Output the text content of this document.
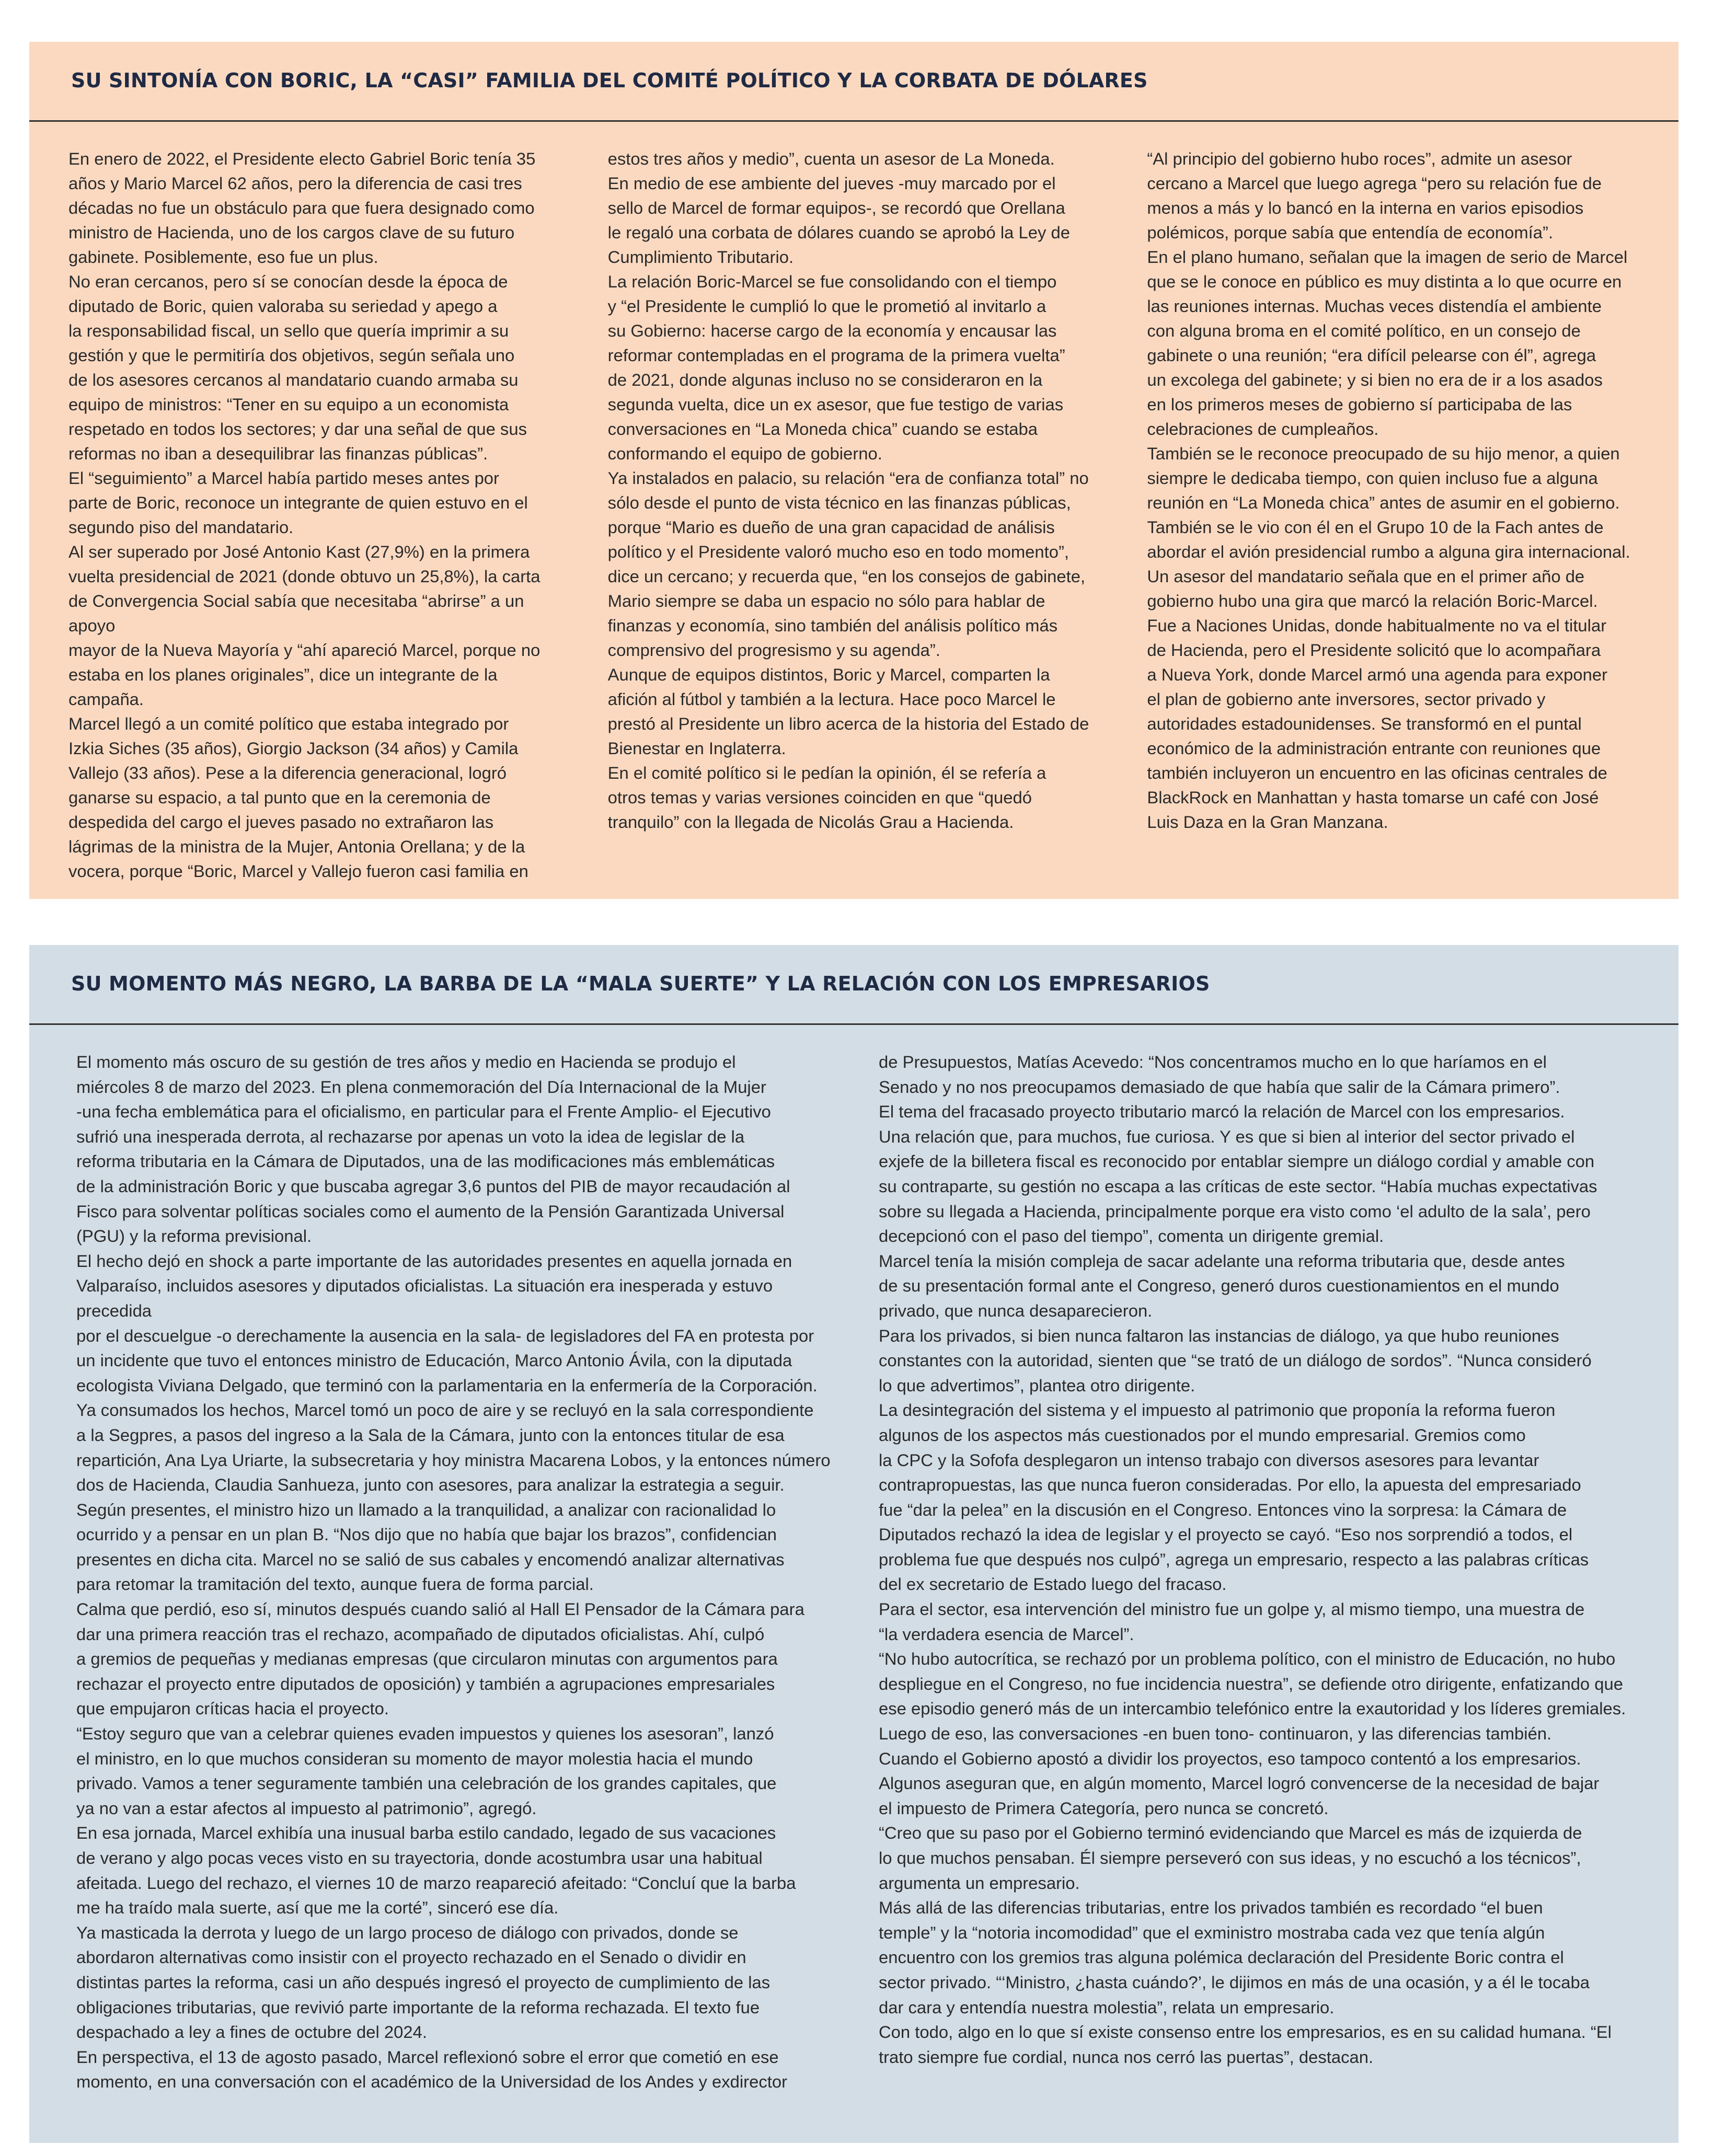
SU SINTONÍA CON BORIC, LA “CASI” FAMILIA DEL COMITÉ POLÍTICO Y LA CORBATA DE DÓLARES

En enero de 2022, el Presidente electo Gabriel Boric tenía 35
años y Mario Marcel 62 años, pero la diferencia de casi tres
décadas no fue un obstáculo para que fuera designado como
ministro de Hacienda, uno de los cargos clave de su futuro
gabinete. Posiblemente, eso fue un plus.
No eran cercanos, pero sí se conocían desde la época de
diputado de Boric, quien valoraba su seriedad y apego a
la responsabilidad fiscal, un sello que quería imprimir a su
gestión y que le permitiría dos objetivos, según señala uno
de los asesores cercanos al mandatario cuando armaba su
equipo de ministros: “Tener en su equipo a un economista
respetado en todos los sectores; y dar una señal de que sus
reformas no iban a desequilibrar las finanzas públicas”.
El “seguimiento” a Marcel había partido meses antes por
parte de Boric, reconoce un integrante de quien estuvo en el
segundo piso del mandatario.
Al ser superado por José Antonio Kast (27,9%) en la primera
vuelta presidencial de 2021 (donde obtuvo un 25,8%), la carta
de Convergencia Social sabía que necesitaba “abrirse” a un apoyo
mayor de la Nueva Mayoría y “ahí apareció Marcel, porque no
estaba en los planes originales”, dice un integrante de la campaña.
Marcel llegó a un comité político que estaba integrado por
Izkia Siches (35 años), Giorgio Jackson (34 años) y Camila
Vallejo (33 años). Pese a la diferencia generacional, logró
ganarse su espacio, a tal punto que en la ceremonia de
despedida del cargo el jueves pasado no extrañaron las
lágrimas de la ministra de la Mujer, Antonia Orellana; y de la
vocera, porque “Boric, Marcel y Vallejo fueron casi familia en

estos tres años y medio”, cuenta un asesor de La Moneda.
En medio de ese ambiente del jueves -muy marcado por el
sello de Marcel de formar equipos-, se recordó que Orellana
le regaló una corbata de dólares cuando se aprobó la Ley de
Cumplimiento Tributario.
La relación Boric-Marcel se fue consolidando con el tiempo
y “el Presidente le cumplió lo que le prometió al invitarlo a
su Gobierno: hacerse cargo de la economía y encausar las
reformar contempladas en el programa de la primera vuelta”
de 2021, donde algunas incluso no se consideraron en la
segunda vuelta, dice un ex asesor, que fue testigo de varias
conversaciones en “La Moneda chica” cuando se estaba
conformando el equipo de gobierno.
Ya instalados en palacio, su relación “era de confianza total” no
sólo desde el punto de vista técnico en las finanzas públicas,
porque “Mario es dueño de una gran capacidad de análisis
político y el Presidente valoró mucho eso en todo momento”,
dice un cercano; y recuerda que, “en los consejos de gabinete,
Mario siempre se daba un espacio no sólo para hablar de
finanzas y economía, sino también del análisis político más
comprensivo del progresismo y su agenda”.
Aunque de equipos distintos, Boric y Marcel, comparten la
afición al fútbol y también a la lectura. Hace poco Marcel le
prestó al Presidente un libro acerca de la historia del Estado de
Bienestar en Inglaterra.
En el comité político si le pedían la opinión, él se refería a
otros temas y varias versiones coinciden en que “quedó
tranquilo” con la llegada de Nicolás Grau a Hacienda.

“Al principio del gobierno hubo roces”, admite un asesor
cercano a Marcel que luego agrega “pero su relación fue de
menos a más y lo bancó en la interna en varios episodios
polémicos, porque sabía que entendía de economía”.
En el plano humano, señalan que la imagen de serio de Marcel
que se le conoce en público es muy distinta a lo que ocurre en
las reuniones internas. Muchas veces distendía el ambiente
con alguna broma en el comité político, en un consejo de
gabinete o una reunión; “era difícil pelearse con él”, agrega
un excolega del gabinete; y si bien no era de ir a los asados
en los primeros meses de gobierno sí participaba de las
celebraciones de cumpleaños.
También se le reconoce preocupado de su hijo menor, a quien
siempre le dedicaba tiempo, con quien incluso fue a alguna
reunión en “La Moneda chica” antes de asumir en el gobierno.
También se le vio con él en el Grupo 10 de la Fach antes de
abordar el avión presidencial rumbo a alguna gira internacional.
Un asesor del mandatario señala que en el primer año de
gobierno hubo una gira que marcó la relación Boric-Marcel.
Fue a Naciones Unidas, donde habitualmente no va el titular
de Hacienda, pero el Presidente solicitó que lo acompañara
a Nueva York, donde Marcel armó una agenda para exponer
el plan de gobierno ante inversores, sector privado y
autoridades estadounidenses. Se transformó en el puntal
económico de la administración entrante con reuniones que
también incluyeron un encuentro en las oficinas centrales de
BlackRock en Manhattan y hasta tomarse un café con José
Luis Daza en la Gran Manzana.

SU MOMENTO MÁS NEGRO, LA BARBA DE LA “MALA SUERTE” Y LA RELACIÓN CON LOS EMPRESARIOS

El momento más oscuro de su gestión de tres años y medio en Hacienda se produjo el
miércoles 8 de marzo del 2023. En plena conmemoración del Día Internacional de la Mujer
-una fecha emblemática para el oficialismo, en particular para el Frente Amplio- el Ejecutivo
sufrió una inesperada derrota, al rechazarse por apenas un voto la idea de legislar de la
reforma tributaria en la Cámara de Diputados, una de las modificaciones más emblemáticas
de la administración Boric y que buscaba agregar 3,6 puntos del PIB de mayor recaudación al
Fisco para solventar políticas sociales como el aumento de la Pensión Garantizada Universal
(PGU) y la reforma previsional.
El hecho dejó en shock a parte importante de las autoridades presentes en aquella jornada en
Valparaíso, incluidos asesores y diputados oficialistas. La situación era inesperada y estuvo precedida
por el descuelgue -o derechamente la ausencia en la sala- de legisladores del FA en protesta por
un incidente que tuvo el entonces ministro de Educación, Marco Antonio Ávila, con la diputada
ecologista Viviana Delgado, que terminó con la parlamentaria en la enfermería de la Corporación.
Ya consumados los hechos, Marcel tomó un poco de aire y se recluyó en la sala correspondiente
a la Segpres, a pasos del ingreso a la Sala de la Cámara, junto con la entonces titular de esa
repartición, Ana Lya Uriarte, la subsecretaria y hoy ministra Macarena Lobos, y la entonces número
dos de Hacienda, Claudia Sanhueza, junto con asesores, para analizar la estrategia a seguir.
Según presentes, el ministro hizo un llamado a la tranquilidad, a analizar con racionalidad lo
ocurrido y a pensar en un plan B. “Nos dijo que no había que bajar los brazos”, confidencian
presentes en dicha cita. Marcel no se salió de sus cabales y encomendó analizar alternativas
para retomar la tramitación del texto, aunque fuera de forma parcial.
Calma que perdió, eso sí, minutos después cuando salió al Hall El Pensador de la Cámara para
dar una primera reacción tras el rechazo, acompañado de diputados oficialistas. Ahí, culpó
a gremios de pequeñas y medianas empresas (que circularon minutas con argumentos para
rechazar el proyecto entre diputados de oposición) y también a agrupaciones empresariales
que empujaron críticas hacia el proyecto.
“Estoy seguro que van a celebrar quienes evaden impuestos y quienes los asesoran”, lanzó
el ministro, en lo que muchos consideran su momento de mayor molestia hacia el mundo
privado. Vamos a tener seguramente también una celebración de los grandes capitales, que
ya no van a estar afectos al impuesto al patrimonio”, agregó.
En esa jornada, Marcel exhibía una inusual barba estilo candado, legado de sus vacaciones
de verano y algo pocas veces visto en su trayectoria, donde acostumbra usar una habitual
afeitada. Luego del rechazo, el viernes 10 de marzo reapareció afeitado: “Concluí que la barba
me ha traído mala suerte, así que me la corté”, sinceró ese día.
Ya masticada la derrota y luego de un largo proceso de diálogo con privados, donde se
abordaron alternativas como insistir con el proyecto rechazado en el Senado o dividir en
distintas partes la reforma, casi un año después ingresó el proyecto de cumplimiento de las
obligaciones tributarias, que revivió parte importante de la reforma rechazada. El texto fue
despachado a ley a fines de octubre del 2024.
En perspectiva, el 13 de agosto pasado, Marcel reflexionó sobre el error que cometió en ese
momento, en una conversación con el académico de la Universidad de los Andes y exdirector

de Presupuestos, Matías Acevedo: “Nos concentramos mucho en lo que haríamos en el
Senado y no nos preocupamos demasiado de que había que salir de la Cámara primero”.
El tema del fracasado proyecto tributario marcó la relación de Marcel con los empresarios.
Una relación que, para muchos, fue curiosa. Y es que si bien al interior del sector privado el
exjefe de la billetera fiscal es reconocido por entablar siempre un diálogo cordial y amable con
su contraparte, su gestión no escapa a las críticas de este sector. “Había muchas expectativas
sobre su llegada a Hacienda, principalmente porque era visto como ‘el adulto de la sala’, pero
decepcionó con el paso del tiempo”, comenta un dirigente gremial.
Marcel tenía la misión compleja de sacar adelante una reforma tributaria que, desde antes
de su presentación formal ante el Congreso, generó duros cuestionamientos en el mundo
privado, que nunca desaparecieron.
Para los privados, si bien nunca faltaron las instancias de diálogo, ya que hubo reuniones
constantes con la autoridad, sienten que “se trató de un diálogo de sordos”. “Nunca consideró
lo que advertimos”, plantea otro dirigente.
La desintegración del sistema y el impuesto al patrimonio que proponía la reforma fueron
algunos de los aspectos más cuestionados por el mundo empresarial. Gremios como
la CPC y la Sofofa desplegaron un intenso trabajo con diversos asesores para levantar
contrapropuestas, las que nunca fueron consideradas. Por ello, la apuesta del empresariado
fue “dar la pelea” en la discusión en el Congreso. Entonces vino la sorpresa: la Cámara de
Diputados rechazó la idea de legislar y el proyecto se cayó. “Eso nos sorprendió a todos, el
problema fue que después nos culpó”, agrega un empresario, respecto a las palabras críticas
del ex secretario de Estado luego del fracaso.
Para el sector, esa intervención del ministro fue un golpe y, al mismo tiempo, una muestra de
“la verdadera esencia de Marcel”.
“No hubo autocrítica, se rechazó por un problema político, con el ministro de Educación, no hubo
despliegue en el Congreso, no fue incidencia nuestra”, se defiende otro dirigente, enfatizando que
ese episodio generó más de un intercambio telefónico entre la exautoridad y los líderes gremiales.
Luego de eso, las conversaciones -en buen tono- continuaron, y las diferencias también.
Cuando el Gobierno apostó a dividir los proyectos, eso tampoco contentó a los empresarios.
Algunos aseguran que, en algún momento, Marcel logró convencerse de la necesidad de bajar
el impuesto de Primera Categoría, pero nunca se concretó.
“Creo que su paso por el Gobierno terminó evidenciando que Marcel es más de izquierda de
lo que muchos pensaban. Él siempre perseveró con sus ideas, y no escuchó a los técnicos”,
argumenta un empresario.
Más allá de las diferencias tributarias, entre los privados también es recordado “el buen
temple” y la “notoria incomodidad” que el exministro mostraba cada vez que tenía algún
encuentro con los gremios tras alguna polémica declaración del Presidente Boric contra el
sector privado. “‘Ministro, ¿hasta cuándo?’, le dijimos en más de una ocasión, y a él le tocaba
dar cara y entendía nuestra molestia”, relata un empresario.
Con todo, algo en lo que sí existe consenso entre los empresarios, es en su calidad humana. “El
trato siempre fue cordial, nunca nos cerró las puertas”, destacan.
